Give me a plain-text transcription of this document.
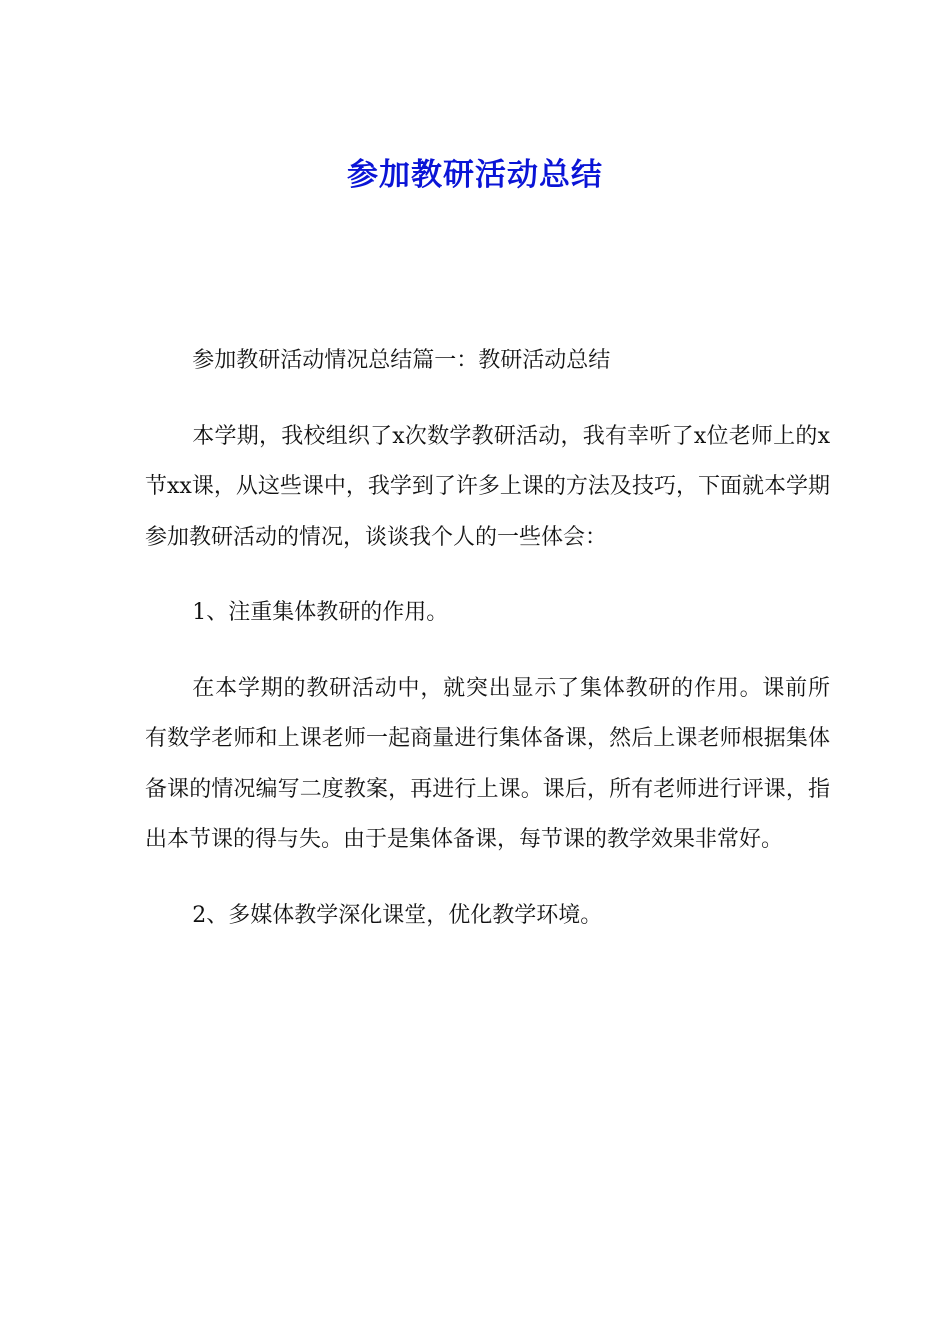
参加教研活动总结

参加教研活动情况总结篇一：教研活动总结

本学期，我校组织了x次数学教研活动，我有幸听了x位老师上的x节xx课，从这些课中，我学到了许多上课的方法及技巧，下面就本学期参加教研活动的情况，谈谈我个人的一些体会：

1、注重集体教研的作用。

在本学期的教研活动中，就突出显示了集体教研的作用。课前所有数学老师和上课老师一起商量进行集体备课，然后上课老师根据集体备课的情况编写二度教案，再进行上课。课后，所有老师进行评课，指出本节课的得与失。由于是集体备课，每节课的教学效果非常好。

2、多媒体教学深化课堂，优化教学环境。
